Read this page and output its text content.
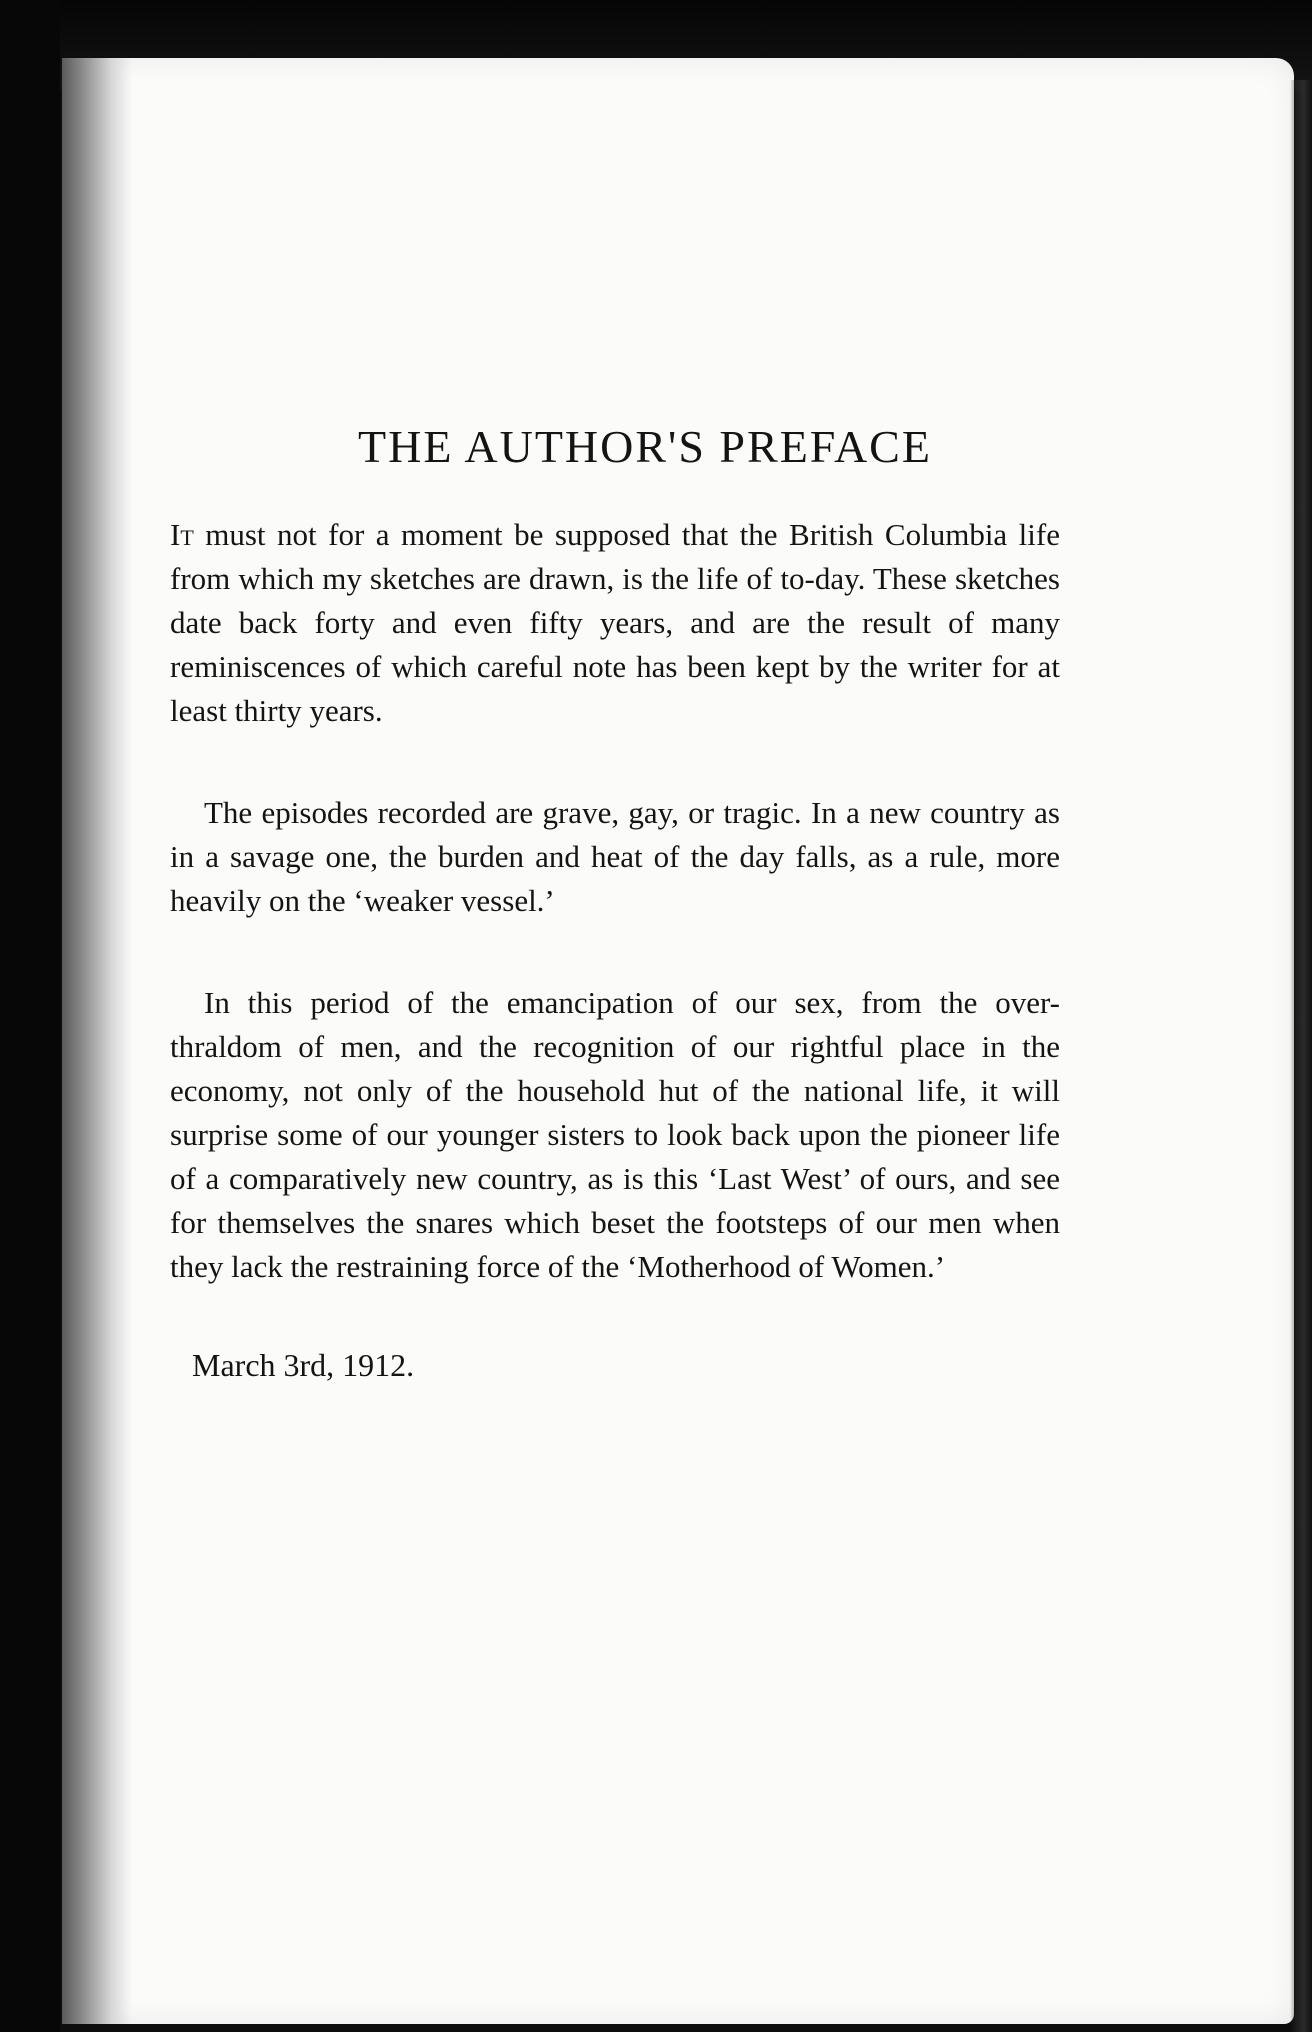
THE AUTHOR'S PREFACE

It must not for a moment be supposed that the British Columbia life from which my sketches are drawn, is the life of to-day. These sketches date back forty and even fifty years, and are the result of many reminiscences of which careful note has been kept by the writer for at least thirty years.

The episodes recorded are grave, gay, or tragic. In a new country as in a savage one, the burden and heat of the day falls, as a rule, more heavily on the ‘weaker vessel.’

In this period of the emancipation of our sex, from the over-thraldom of men, and the recognition of our rightful place in the economy, not only of the household hut of the national life, it will surprise some of our younger sisters to look back upon the pioneer life of a comparatively new country, as is this ‘Last West’ of ours, and see for themselves the snares which beset the footsteps of our men when they lack the restraining force of the ‘Motherhood of Women.’

March 3rd, 1912.
